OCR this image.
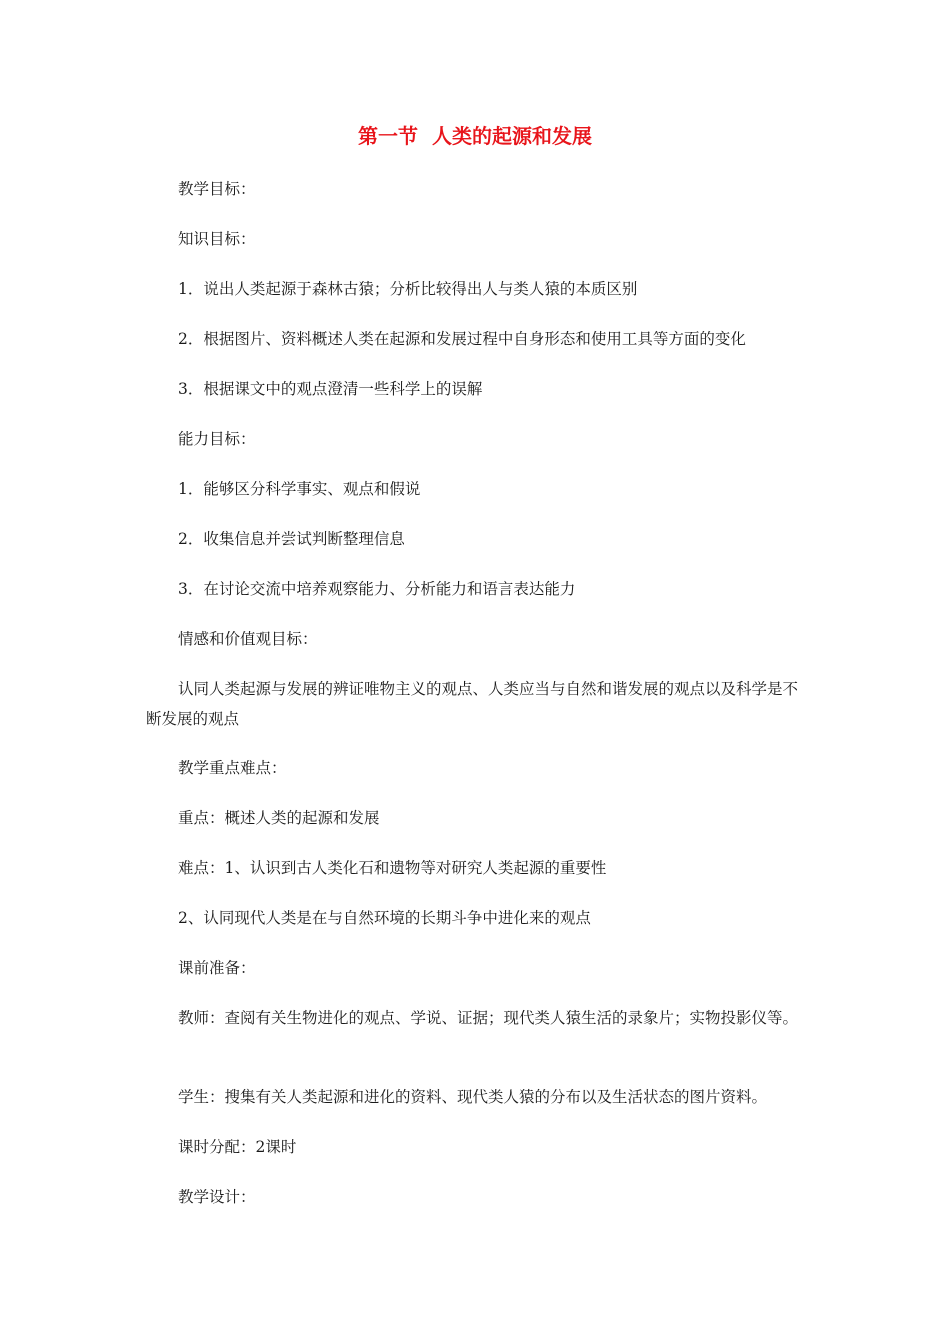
第一节  人类的起源和发展
教学目标：
知识目标：
1．说出人类起源于森林古猿；分析比较得出人与类人猿的本质区别
2．根据图片、资料概述人类在起源和发展过程中自身形态和使用工具等方面的变化
3．根据课文中的观点澄清一些科学上的误解
能力目标：
1．能够区分科学事实、观点和假说
2．收集信息并尝试判断整理信息
3．在讨论交流中培养观察能力、分析能力和语言表达能力
情感和价值观目标：
认同人类起源与发展的辨证唯物主义的观点、人类应当与自然和谐发展的观点以及科学是不断发展的观点
教学重点难点：
重点：概述人类的起源和发展
难点：1、认识到古人类化石和遗物等对研究人类起源的重要性
2、认同现代人类是在与自然环境的长期斗争中进化来的观点
课前准备：
教师：查阅有关生物进化的观点、学说、证据；现代类人猿生活的录象片；实物投影仪等。
学生：搜集有关人类起源和进化的资料、现代类人猿的分布以及生活状态的图片资料。
课时分配：2课时
教学设计：
